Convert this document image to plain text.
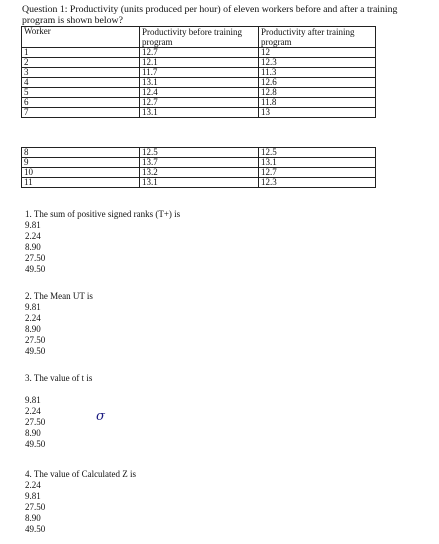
Question 1: Productivity (units produced per hour) of eleven workers before and after a training program is shown below?
Worker	Productivity before training program	Productivity after training program
1	12.7	12
2	12.1	12.3
3	11.7	11.3
4	13.1	12.6
5	12.4	12.8
6	12.7	11.8
7	13.1	13
8	12.5	12.5
9	13.7	13.1
10	13.2	12.7
11	13.1	12.3
1. The sum of positive signed ranks (T+) is
9.81
2.24
8.90
27.50
49.50
2. The Mean UT is
9.81
2.24
8.90
27.50
49.50
3. The value of t is
9.81
2.24
27.50
8.90
49.50
σ
4. The value of Calculated Z is
2.24
9.81
27.50
8.90
49.50
